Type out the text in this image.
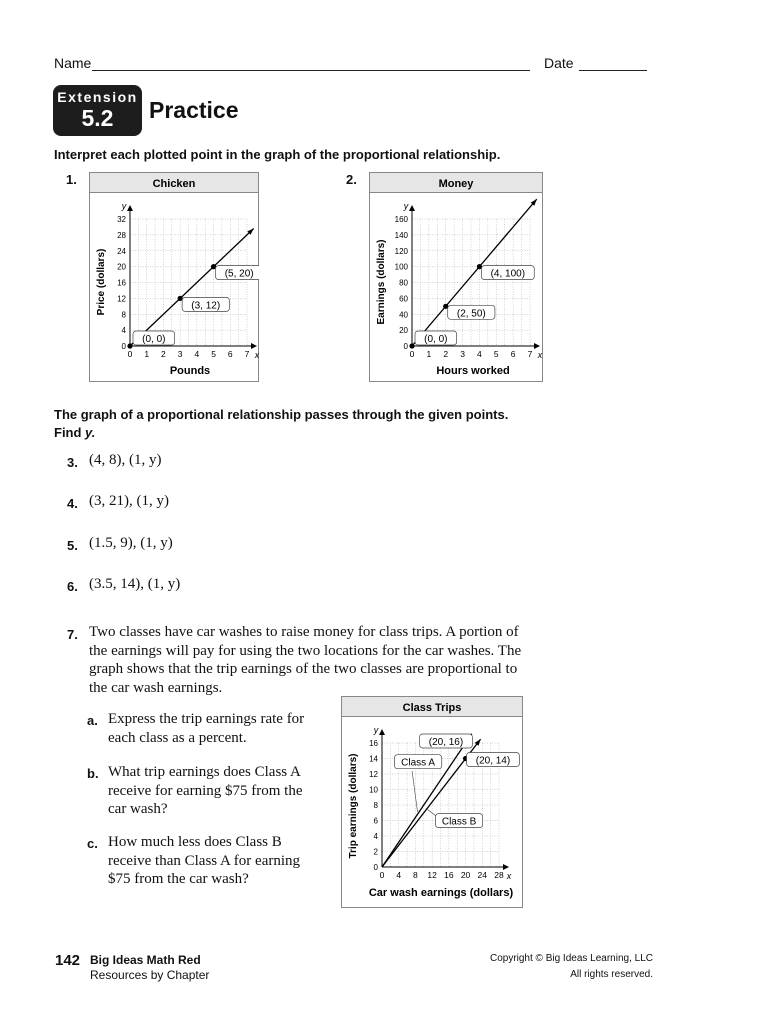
Name	Date
Extension
5.2	Practice
Interpret each plotted point in the graph of the proportional relationship.
1.	2.
Chicken
y
x
0 1 2 3 4 5 6 7
0
4
8
12
16
20
24
28
32
(0, 0)
(3, 12)
(5, 20)
Pounds
Price (dollars)
Money
y
x
0 1 2 3 4 5 6 7
0
20
40
60
80
100
120
140
160
(0, 0)
(2, 50)
(4, 100)
Hours worked
Earnings (dollars)
The graph of a proportional relationship passes through the given points.
Find y.
3. (4, 8), (1, y)
4. (3, 21), (1, y)
5. (1.5, 9), (1, y)
6. (3.5, 14), (1, y)
7. Two classes have car washes to raise money for class trips. A portion of
the earnings will pay for using the two locations for the car washes. The
graph shows that the trip earnings of the two classes are proportional to
the car wash earnings.
a. Express the trip earnings rate for
each class as a percent.
b. What trip earnings does Class A
receive for earning $75 from the
car wash?
c. How much less does Class B
receive than Class A for earning
$75 from the car wash?
Class Trips
y
x
0 4 8 12 16 20 24 28
0
2
4
6
8
10
12
14
16	(20, 16)
Class A	(20, 14)
Class B
Car wash earnings (dollars)
Trip earnings (dollars)
142 Big Ideas Math Red
Resources by Chapter
Copyright © Big Ideas Learning, LLC
All rights reserved.
